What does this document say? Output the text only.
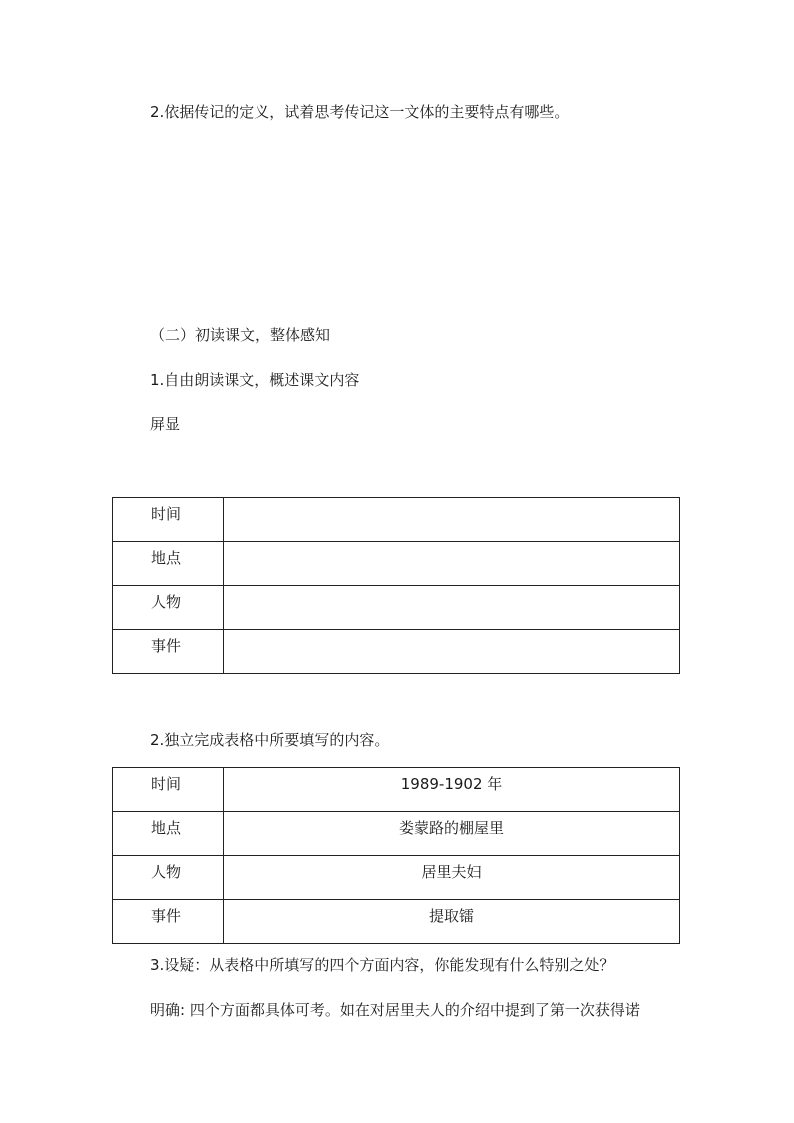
2.依据传记的定义，试着思考传记这一文体的主要特点有哪些。
（二）初读课文，整体感知
1.自由朗读课文，概述课文内容
屏显
时间	
地点	
人物	
事件	
2.独立完成表格中所要填写的内容。
时间	1989-1902 年
地点	娄蒙路的棚屋里
人物	居里夫妇
事件	提取镭
3.设疑：从表格中所填写的四个方面内容，你能发现有什么特别之处？
明确: 四个方面都具体可考。如在对居里夫人的介绍中提到了第一次获得诺
